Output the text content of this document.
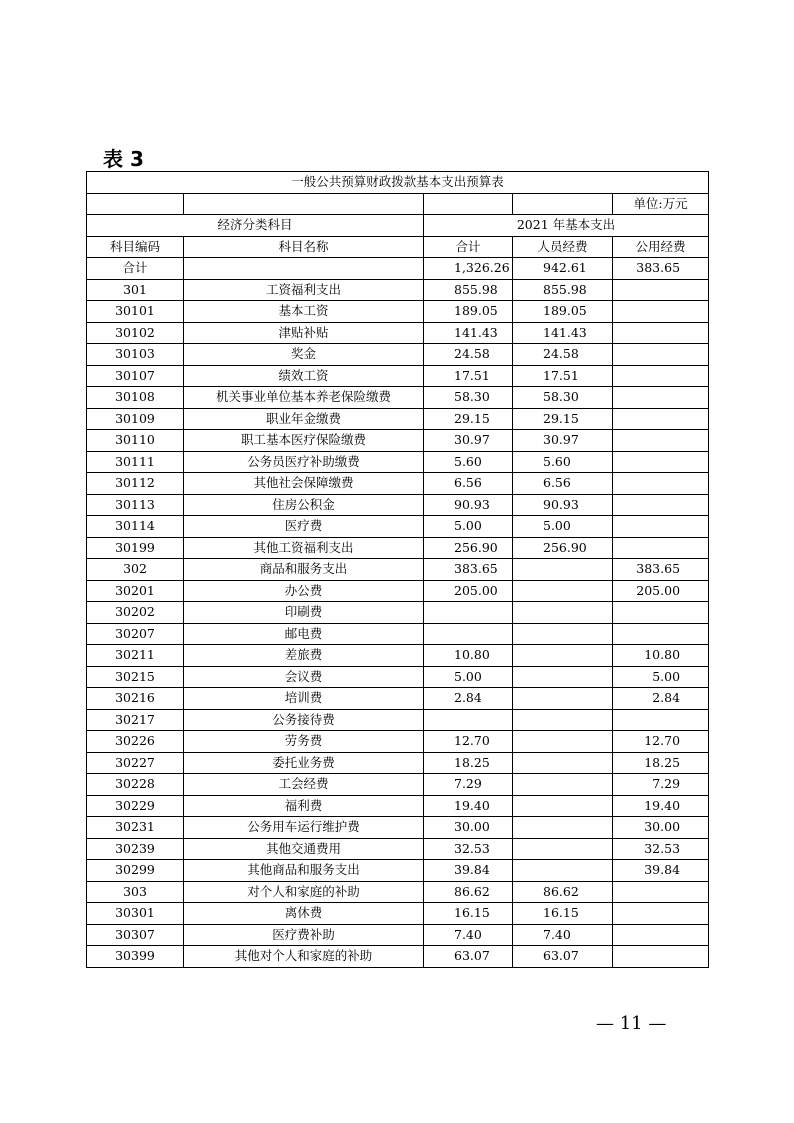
表 3
一般公共预算财政拨款基本支出预算表				
				单位:万元
经济分类科目		2021 年基本支出		
科目编码	科目名称	合计	人员经费	公用经费
合计		1,326.26	942.61	383.65
301	工资福利支出	855.98	855.98	
30101	基本工资	189.05	189.05	
30102	津贴补贴	141.43	141.43	
30103	奖金	24.58	24.58	
30107	绩效工资	17.51	17.51	
30108	机关事业单位基本养老保险缴费	58.30	58.30	
30109	职业年金缴费	29.15	29.15	
30110	职工基本医疗保险缴费	30.97	30.97	
30111	公务员医疗补助缴费	5.60	5.60	
30112	其他社会保障缴费	6.56	6.56	
30113	住房公积金	90.93	90.93	
30114	医疗费	5.00	5.00	
30199	其他工资福利支出	256.90	256.90	
302	商品和服务支出	383.65		383.65
30201	办公费	205.00		205.00
30202	印刷费			
30207	邮电费			
30211	差旅费	10.80		10.80
30215	会议费	5.00		5.00
30216	培训费	2.84		2.84
30217	公务接待费			
30226	劳务费	12.70		12.70
30227	委托业务费	18.25		18.25
30228	工会经费	7.29		7.29
30229	福利费	19.40		19.40
30231	公务用车运行维护费	30.00		30.00
30239	其他交通费用	32.53		32.53
30299	其他商品和服务支出	39.84		39.84
303	对个人和家庭的补助	86.62	86.62	
30301	离休费	16.15	16.15	
30307	医疗费补助	7.40	7.40	
30399	其他对个人和家庭的补助	63.07	63.07	
— 11 —
